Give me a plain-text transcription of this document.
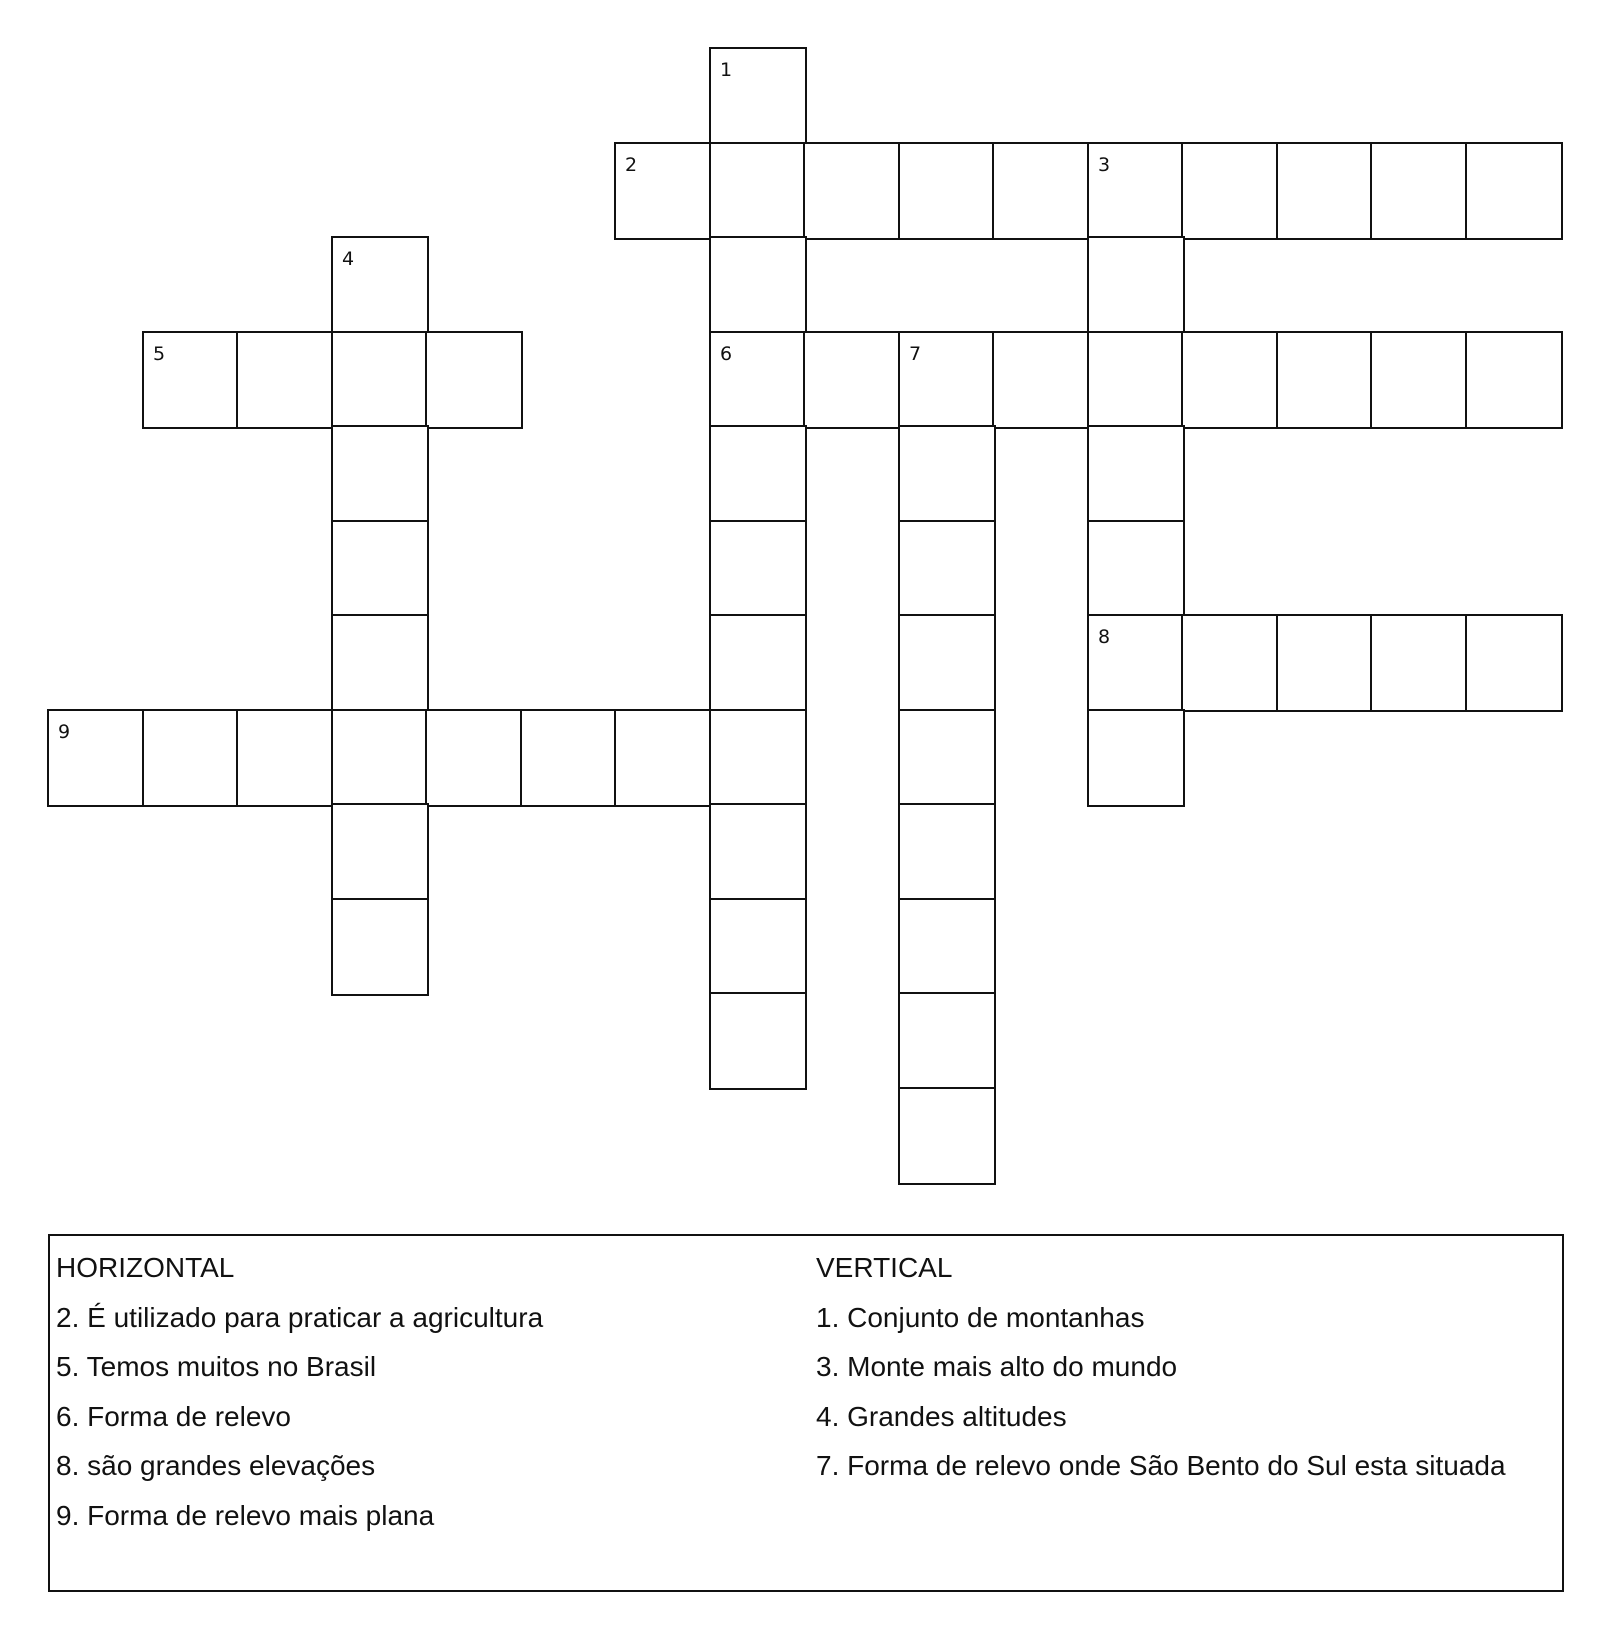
1
2	3
4
5	6	7
8
9
HORIZONTAL
2. É utilizado para praticar a agricultura
5. Temos muitos no Brasil
6. Forma de relevo
8. são grandes elevações
9. Forma de relevo mais plana
VERTICAL
1. Conjunto de montanhas
3. Monte mais alto do mundo
4. Grandes altitudes
7. Forma de relevo onde São Bento do Sul esta situada
